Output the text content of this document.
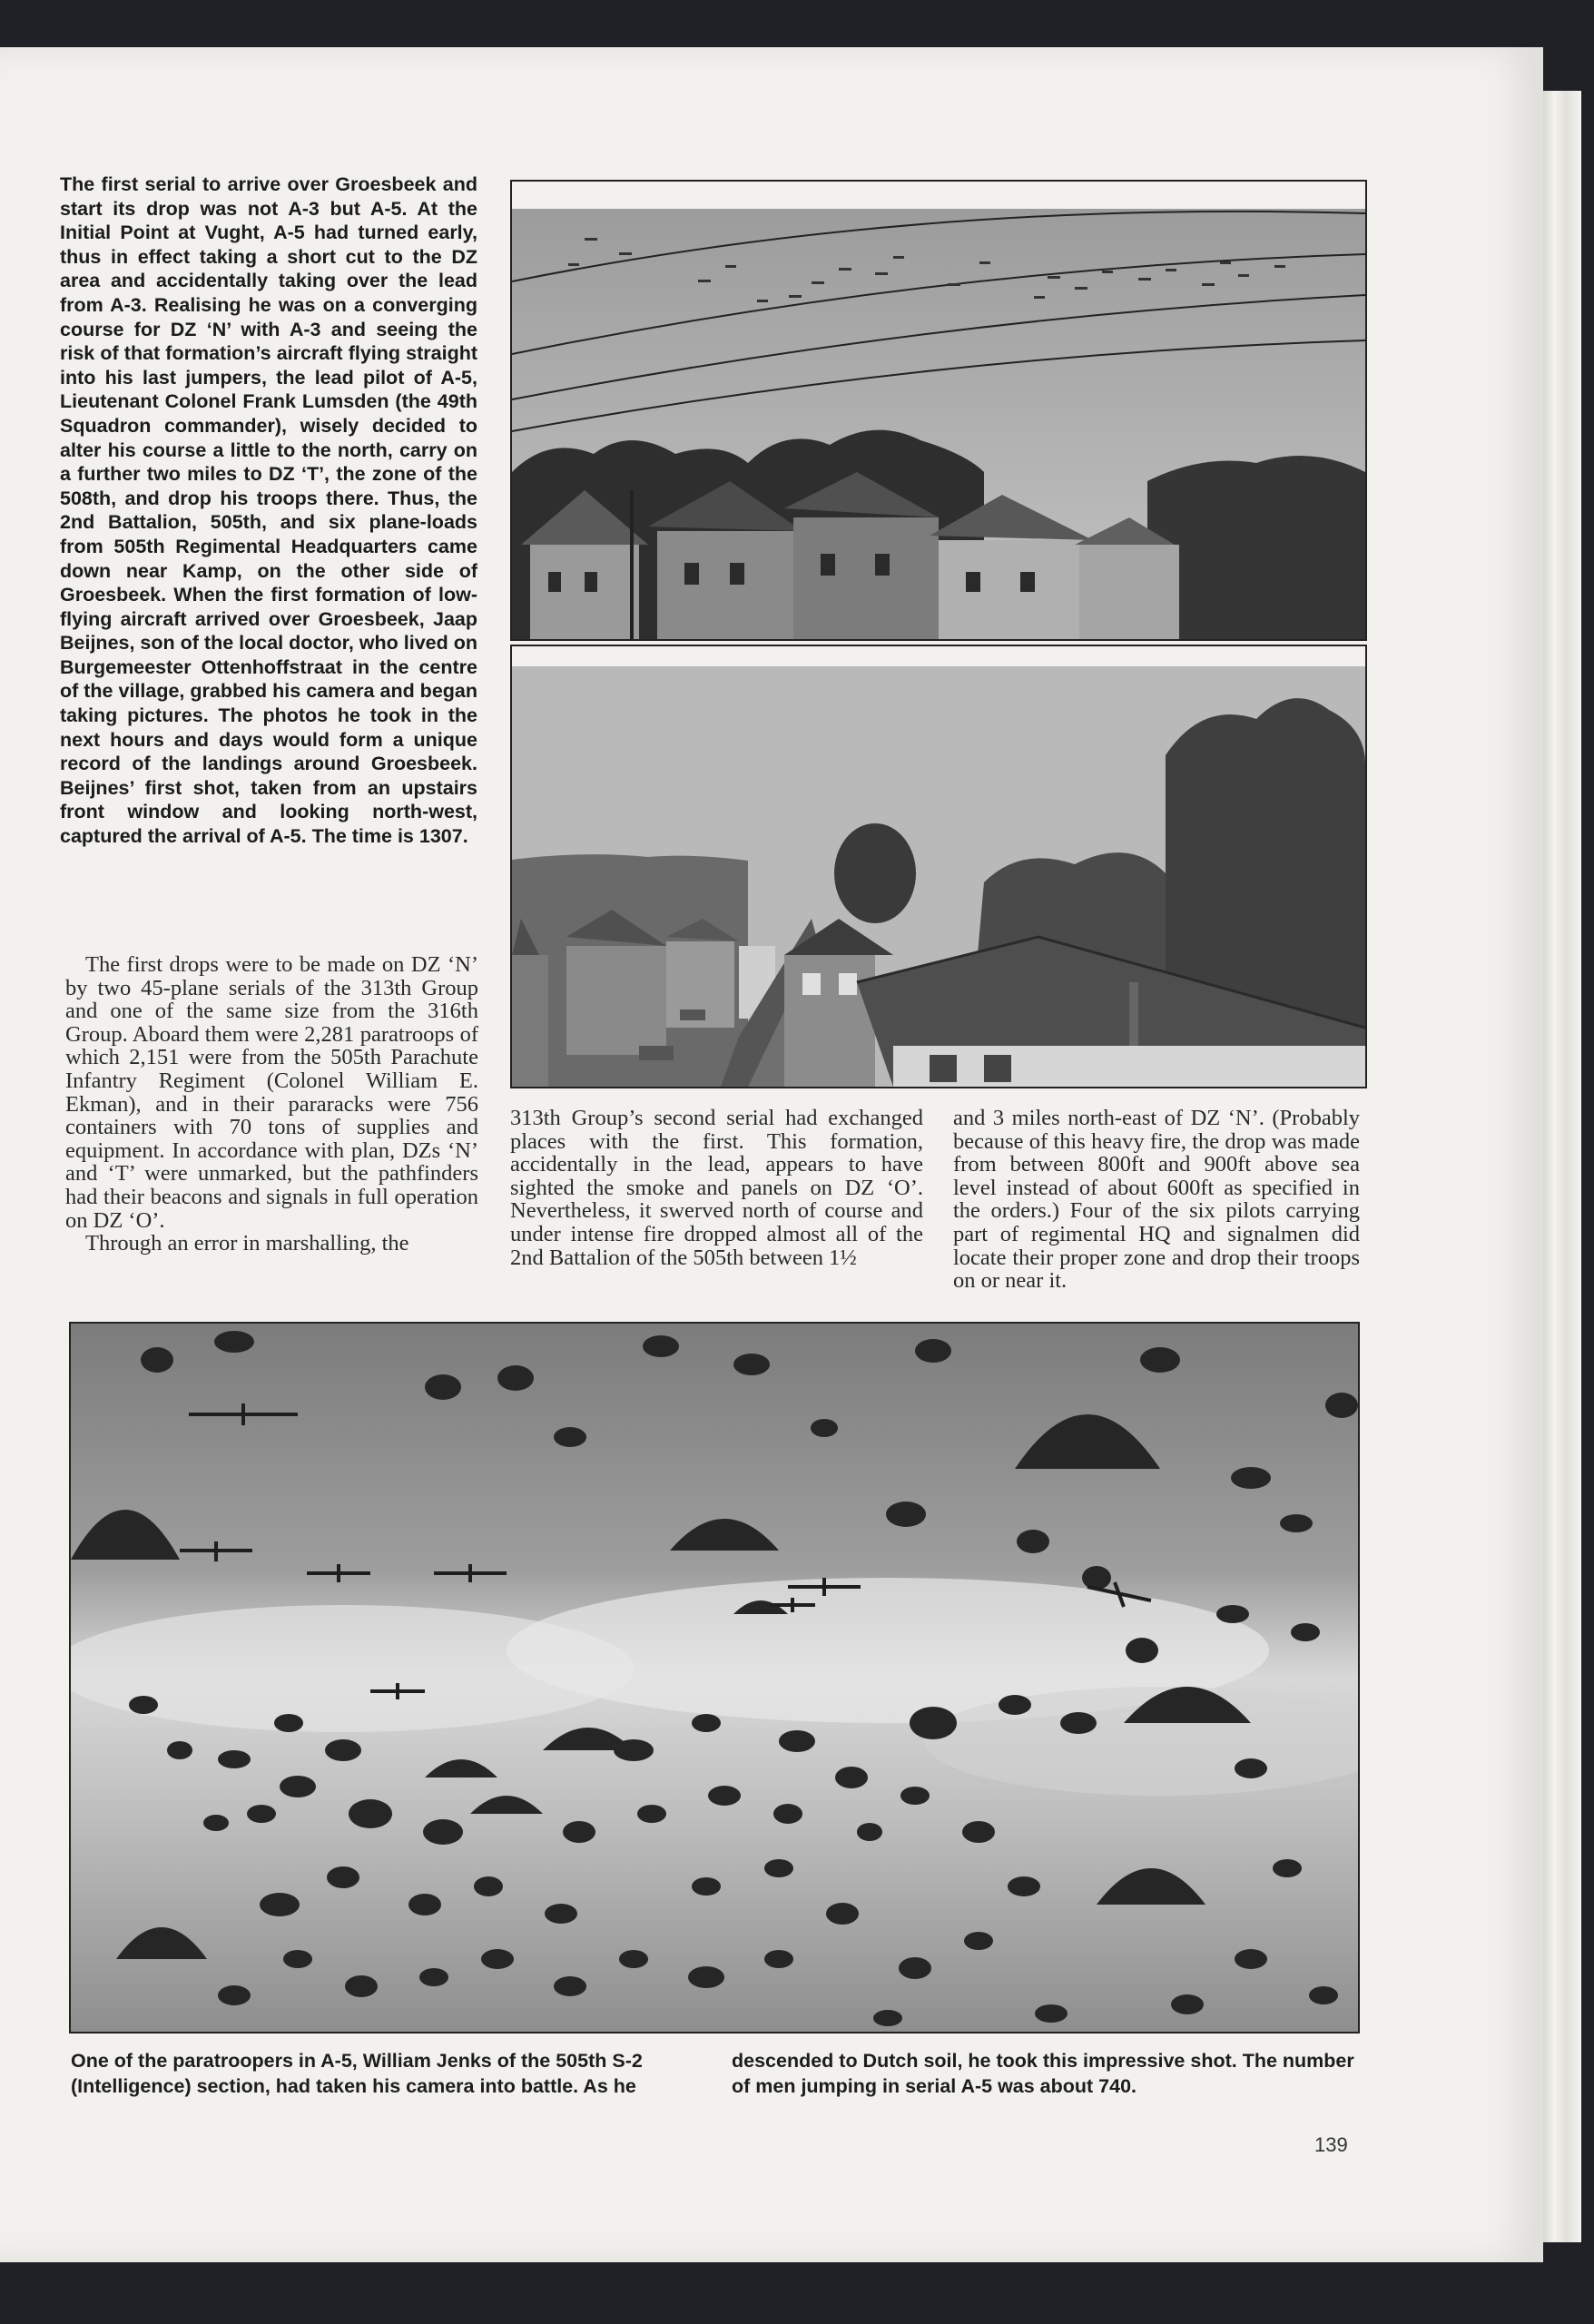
The first serial to arrive over Groesbeek and start its drop was not A-3 but A-5. At the Initial Point at Vught, A-5 had turned early, thus in effect taking a short cut to the DZ area and accidentally taking over the lead from A-3. Realising he was on a converging course for DZ ‘N’ with A-3 and seeing the risk of that formation’s aircraft flying straight into his last jumpers, the lead pilot of A-5, Lieutenant Colonel Frank Lumsden (the 49th Squadron commander), wisely decided to alter his course a little to the north, carry on a further two miles to DZ ‘T’, the zone of the 508th, and drop his troops there. Thus, the 2nd Battalion, 505th, and six plane-loads from 505th Regimental Headquarters came down near Kamp, on the other side of Groesbeek. When the first formation of low-flying aircraft arrived over Groesbeek, Jaap Beijnes, son of the local doctor, who lived on Burgemeester Ottenhoffstraat in the centre of the village, grabbed his camera and began taking pictures. The photos he took in the next hours and days would form a unique record of the landings around Groesbeek. Beijnes’ first shot, taken from an upstairs front window and looking north-west, captured the arrival of A-5. The time is 1307.

The first drops were to be made on DZ ‘N’ by two 45-plane serials of the 313th Group and one of the same size from the 316th Group. Aboard them were 2,281 paratroops of which 2,151 were from the 505th Parachute Infantry Regiment (Colonel William E. Ekman), and in their pararacks were 756 containers with 70 tons of supplies and equipment. In accordance with plan, DZs ‘N’ and ‘T’ were unmarked, but the pathfinders had their beacons and signals in full operation on DZ ‘O’.

Through an error in marshalling, the

313th Group’s second serial had exchanged places with the first. This formation, accidentally in the lead, appears to have sighted the smoke and panels on DZ ‘O’. Nevertheless, it swerved north of course and under intense fire dropped almost all of the 2nd Battalion of the 505th between 1½

and 3 miles north-east of DZ ‘N’. (Probably because of this heavy fire, the drop was made from between 800ft and 900ft above sea level instead of about 600ft as specified in the orders.) Four of the six pilots carrying part of regimental HQ and signalmen did locate their proper zone and drop their troops on or near it.

One of the paratroopers in A-5, William Jenks of the 505th S-2 (Intelligence) section, had taken his camera into battle. As he

descended to Dutch soil, he took this impressive shot. The number of men jumping in serial A-5 was about 740.

139
